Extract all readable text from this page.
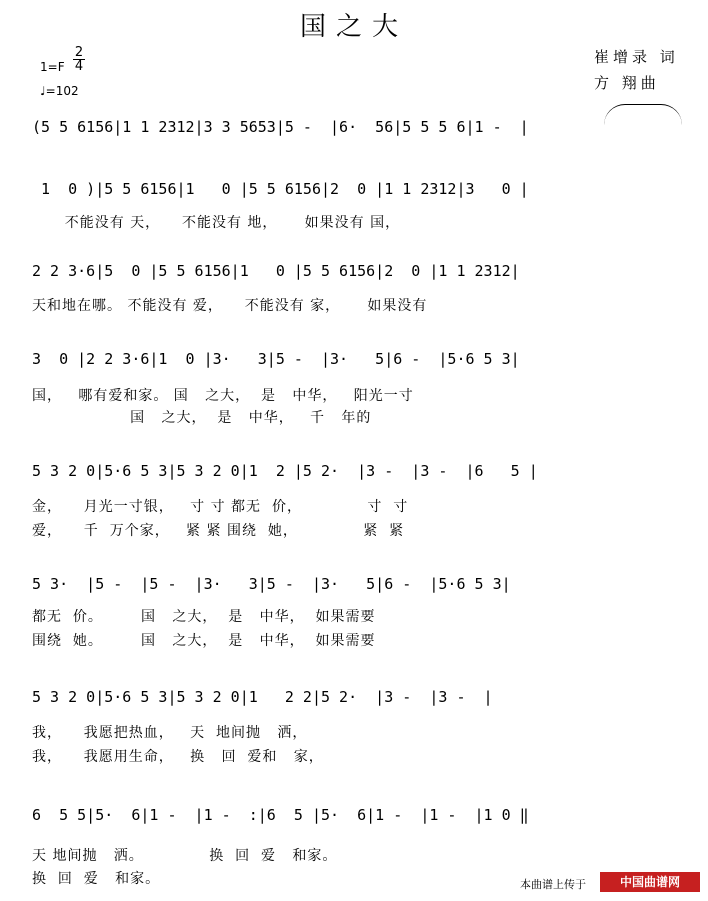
国之大
崔增录 词
方 翔曲
$1=F \frac{2}{4}$
♩=102
(5 5 6156|1 1 2312|3 3 5653|5 -  |6·  56|5 5 5 6|1 -  |
1  0 )|5 5 6156|1   0 |5 5 6156|2  0 |1 1 2312|3   0 |
不能没有 天，    不能没有 地，     如果没有 国，
2 2 3·6|5  0 |5 5 6156|1   0 |5 5 6156|2  0 |1 1 2312|
天和地在哪。 不能没有 爱，    不能没有 家，     如果没有
3  0 |2 2 3·6|1  0 |3·   3|5 -  |3·   5|6 -  |5·6 5 3|
国，   哪有爱和家。 国   之大，  是   中华，   阳光一寸
国   之大，  是   中华，   千   年的
5 3 2 0|5·6 5 3|5 3 2 0|1  2 |5 2·  |3 -  |3 -  |6   5 |
金，    月光一寸银，   寸 寸 都无  价，            寸  寸
爱，    千  万个家，   紧 紧 围绕  她，            紧  紧
5 3·  |5 -  |5 -  |3·   3|5 -  |3·   5|6 -  |5·6 5 3|
都无  价。       国   之大，  是   中华，  如果需要
围绕  她。       国   之大，  是   中华，  如果需要
5 3 2 0|5·6 5 3|5 3 2 0|1   2 2|5 2·  |3 -  |3 -  |
我，    我愿把热血，   天  地间抛   洒，
我，    我愿用生命，   换   回  爱和   家，
6  5 5|5·  6|1 -  |1 -  :|6  5 |5·  6|1 -  |1 -  |1 0 ‖
天 地间抛   洒。            换  回  爱   和家。
换  回  爱   和家。	本曲谱上传于	中国曲谱网
